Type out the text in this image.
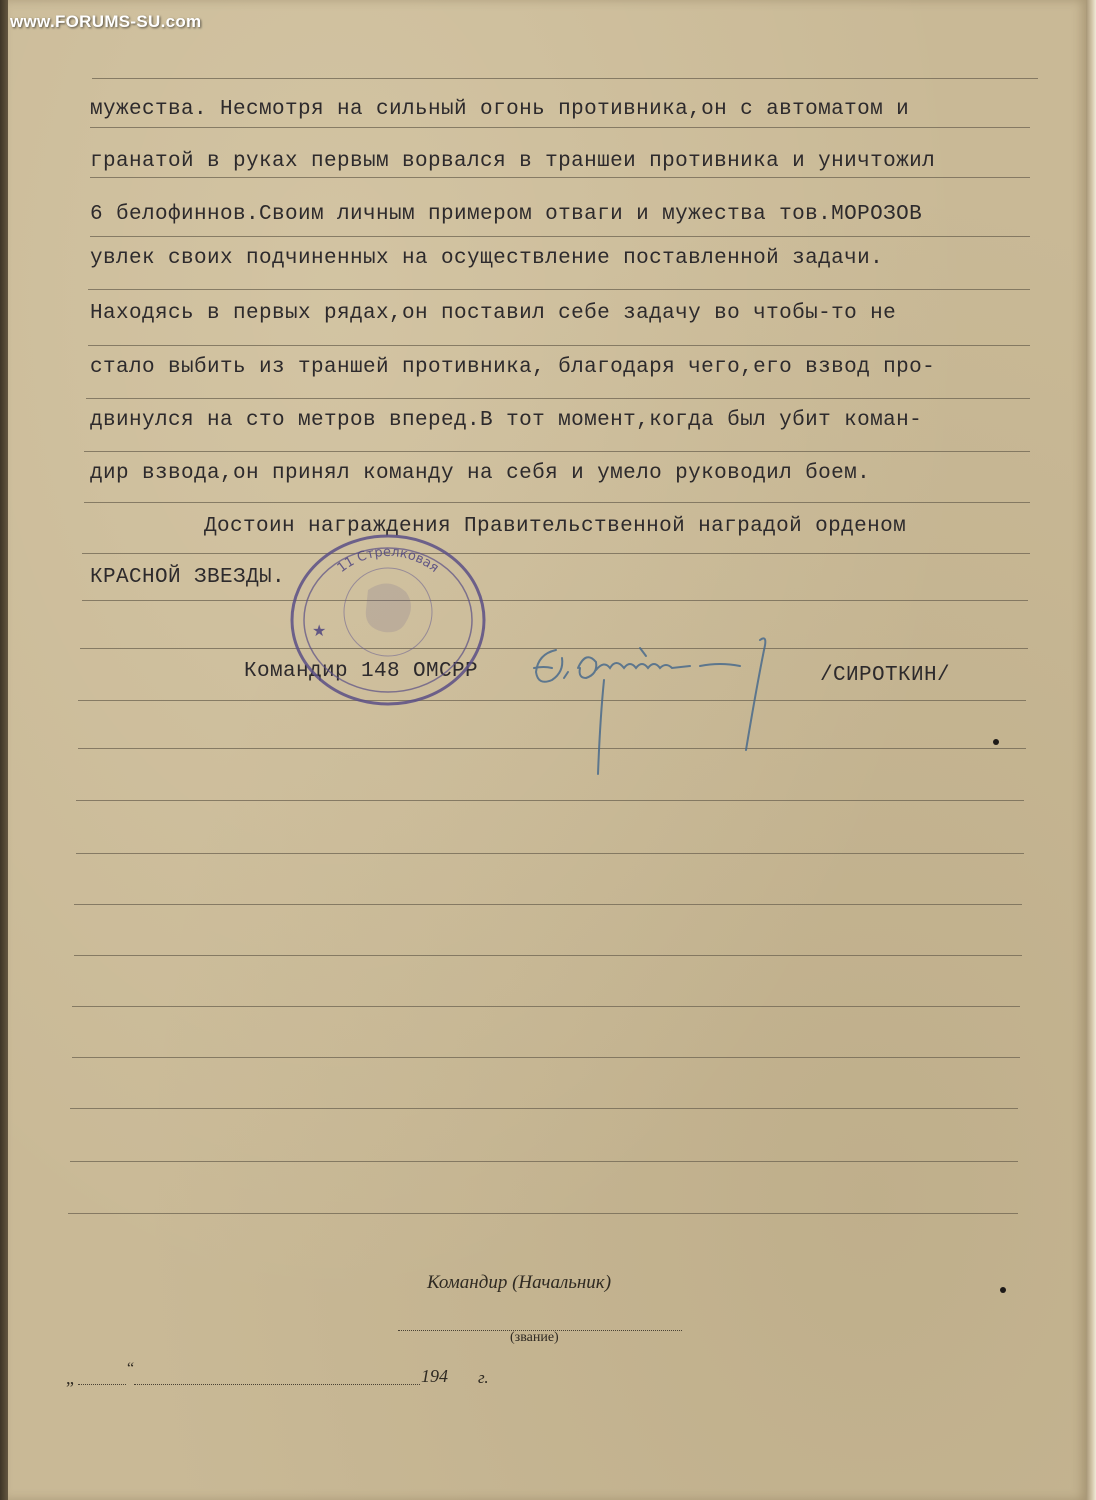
www.FORUMS-SU.com
мужества. Несмотря на сильный огонь противника,он с автоматом и
гранатой в руках первым ворвался в траншеи противника и уничтожил
6 белофиннов.Своим личным примером отваги и мужества тов.МОРОЗОВ
увлек своих подчиненных на осуществление поставленной задачи.
Находясь в первых рядах,он поставил себе задачу во чтобы-то не
стало выбить из траншей противника, благодаря чего,его взвод про-
двинулся на сто метров вперед.В тот момент,когда был убит коман-
дир взвода,он принял команду на себя и умело руководил боем.
Достоин награждения Правительственной наградой орденом
КРАСНОЙ ЗВЕЗДЫ.
Командир 148 ОМСРР	/СИРОТКИН/
11 Стрелковая
★
Командир (Начальник)
(звание)
„	“	194 г.
